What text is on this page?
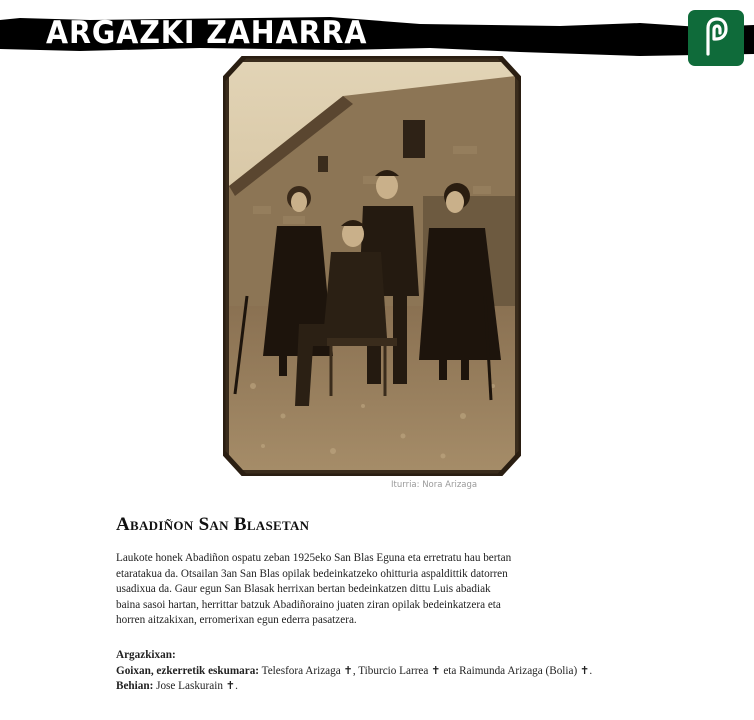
ARGAZKI ZAHARRA
Iturria: Nora Arizaga
Abadiñon San Blasetan
Laukote honek Abadiñon ospatu zeban 1925eko San Blas Eguna eta erretratu hau bertan
etaratakua da. Otsailan 3an San Blas opilak bedeinkatzeko ohitturia aspaldittik datorren
usadixua da. Gaur egun San Blasak herrixan bertan bedeinkatzen dittu Luis abadiak
baina sasoi hartan, herrittar batzuk Abadiñoraino juaten ziran opilak bedeinkatzera eta
horren aitzakixan, erromerixan egun ederra pasatzera.
Argazkixan:
Goixan, ezkerretik eskumara: Telesfora Arizaga ✝, Tiburcio Larrea ✝ eta Raimunda Arizaga (Bolia) ✝.
Behian: Jose Laskurain ✝.
